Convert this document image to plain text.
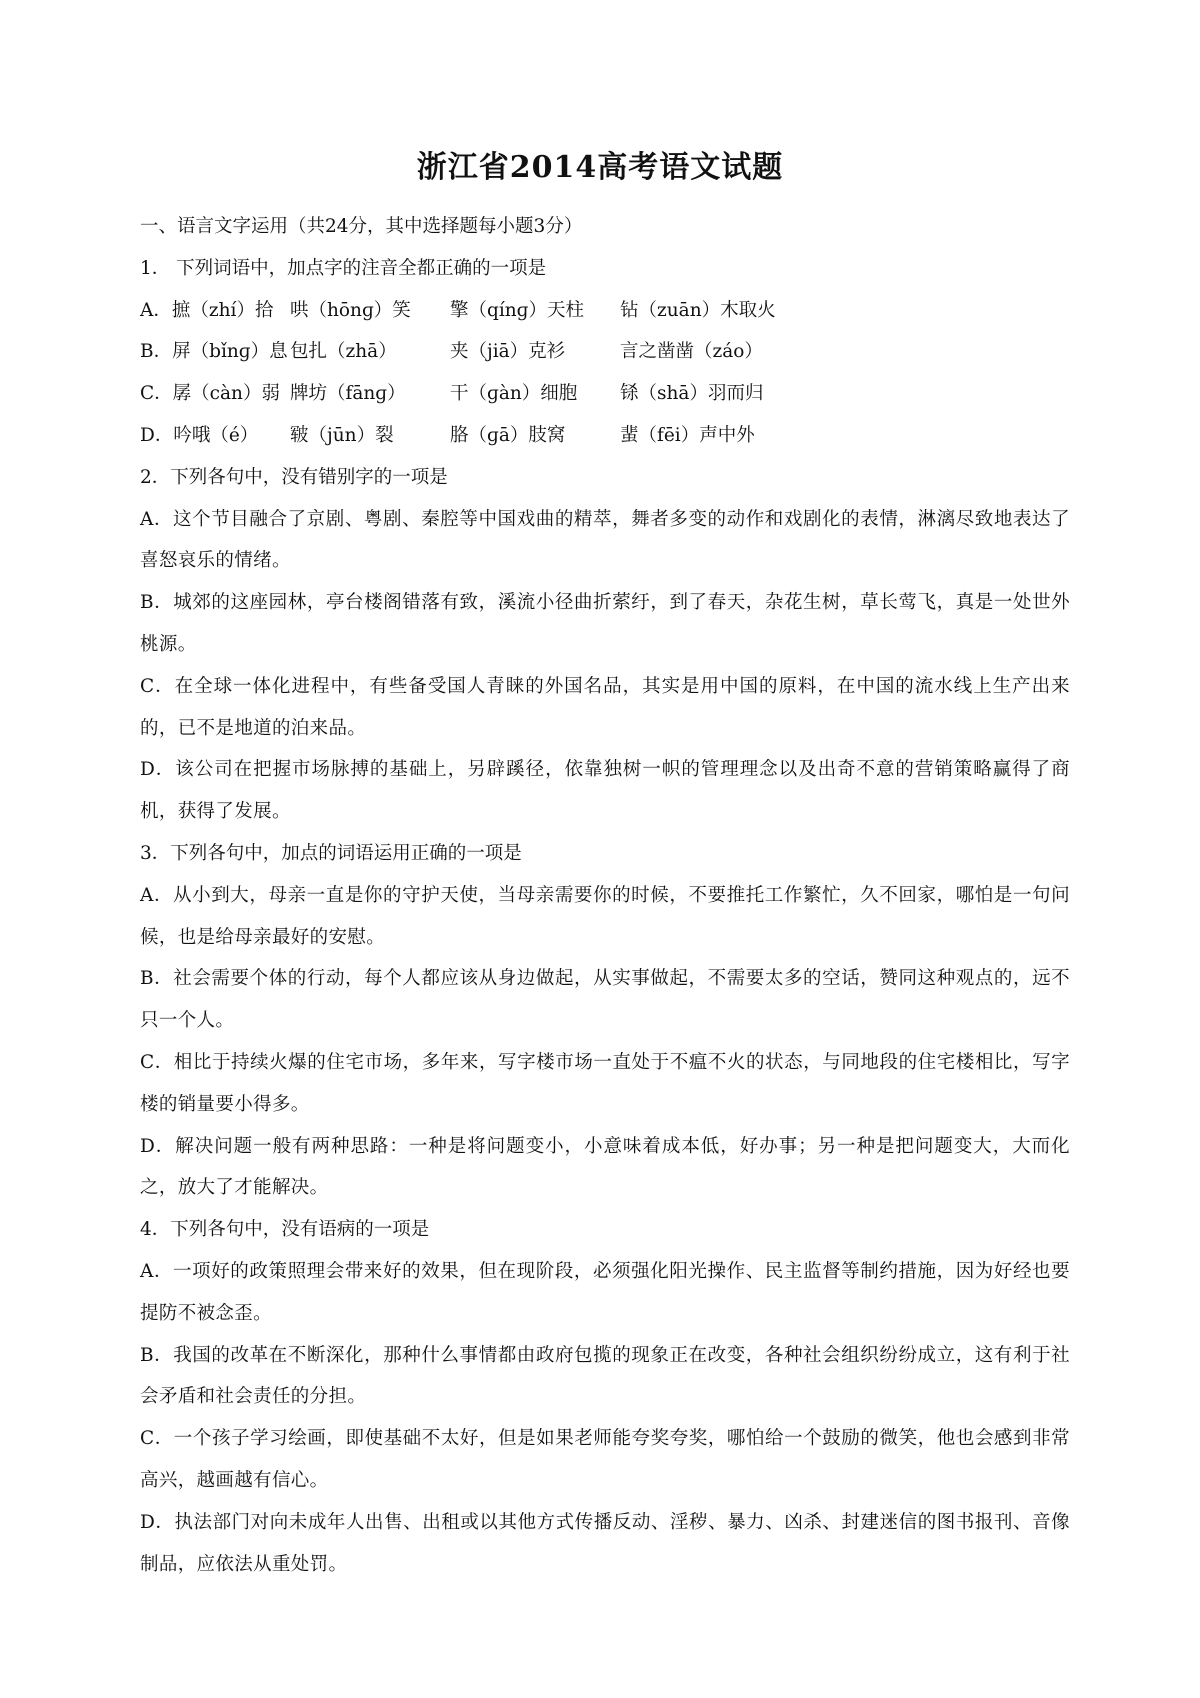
浙江省2014高考语文试题
一、语言文字运用（共24分，其中选择题每小题3分）
1． 下列词语中，加点字的注音全都正确的一项是
A．摭（zhí）拾 哄（hōnɡ）笑	擎（qínɡ）天柱	钻（zuān）木取火
B．屏（bǐnɡ）息 包扎（zhā）	夹（jiā）克衫	言之凿凿（záo）
C．孱（càn）弱 牌坊（fānɡ）	干（ɡàn）细胞	铩（shā）羽而归
D．吟哦（é）	皲（jūn）裂	胳（ɡā）肢窝	蜚（fēi）声中外
2．下列各句中，没有错别字的一项是
A．这个节目融合了京剧、粤剧、秦腔等中国戏曲的精萃，舞者多变的动作和戏剧化的表情，淋漓尽致地表达了喜怒哀乐的情绪。
B．城郊的这座园林，亭台楼阁错落有致，溪流小径曲折萦纡，到了春天，杂花生树，草长莺飞，真是一处世外桃源。
C．在全球一体化进程中，有些备受国人青睐的外国名品，其实是用中国的原料，在中国的流水线上生产出来的，已不是地道的泊来品。
D．该公司在把握市场脉搏的基础上，另辟蹊径，依靠独树一帜的管理理念以及出奇不意的营销策略赢得了商机，获得了发展。
3．下列各句中，加点的词语运用正确的一项是
A．从小到大，母亲一直是你的守护天使，当母亲需要你的时候，不要推托工作繁忙，久不回家，哪怕是一句问候，也是给母亲最好的安慰。
B．社会需要个体的行动，每个人都应该从身边做起，从实事做起，不需要太多的空话，赞同这种观点的，远不只一个人。
C．相比于持续火爆的住宅市场，多年来，写字楼市场一直处于不瘟不火的状态，与同地段的住宅楼相比，写字楼的销量要小得多。
D．解决问题一般有两种思路：一种是将问题变小，小意味着成本低，好办事；另一种是把问题变大，大而化之，放大了才能解决。
4．下列各句中，没有语病的一项是
A．一项好的政策照理会带来好的效果，但在现阶段，必须强化阳光操作、民主监督等制约措施，因为好经也要提防不被念歪。
B．我国的改革在不断深化，那种什么事情都由政府包揽的现象正在改变，各种社会组织纷纷成立，这有利于社会矛盾和社会责任的分担。
C．一个孩子学习绘画，即使基础不太好，但是如果老师能夸奖夸奖，哪怕给一个鼓励的微笑，他也会感到非常高兴，越画越有信心。
D．执法部门对向未成年人出售、出租或以其他方式传播反动、淫秽、暴力、凶杀、封建迷信的图书报刊、音像制品，应依法从重处罚。
